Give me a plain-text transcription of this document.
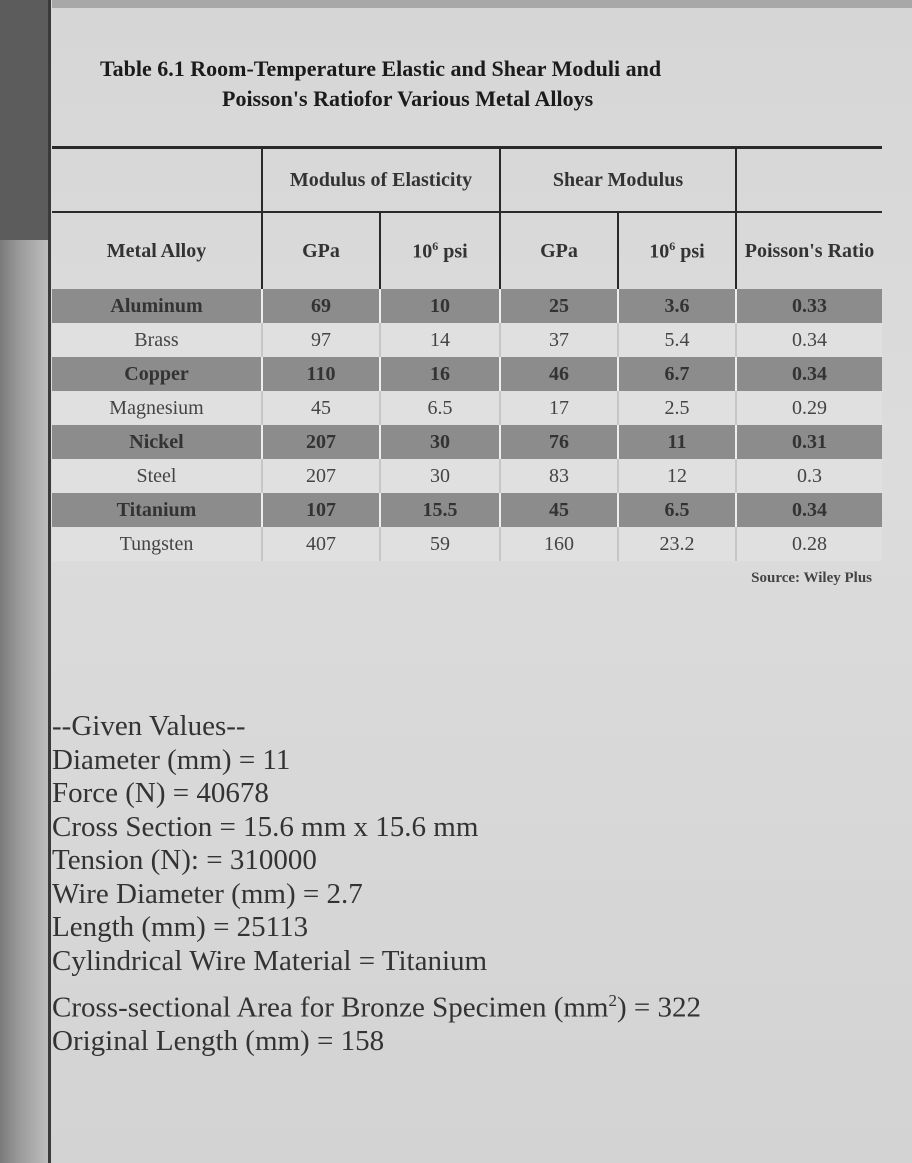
Table 6.1 Room-Temperature Elastic and Shear Moduli and
Poisson's Ratiofor Various Metal Alloys
	Modulus of Elasticity		Shear Modulus		
Metal Alloy	GPa	$10^6$ psi	GPa	$10^6$ psi	Poisson's Ratio
Aluminum	69	10	25	3.6	0.33
Brass	97	14	37	5.4	0.34
Copper	110	16	46	6.7	0.34
Magnesium	45	6.5	17	2.5	0.29
Nickel	207	30	76	11	0.31
Steel	207	30	83	12	0.3
Titanium	107	15.5	45	6.5	0.34
Tungsten	407	59	160	23.2	0.28
Source: Wiley Plus
--Given Values--
Diameter (mm) = 11
Force (N) = 40678
Cross Section = 15.6 mm x 15.6 mm
Tension (N): = 310000
Wire Diameter (mm) = 2.7
Length (mm) = 25113
Cylindrical Wire Material = Titanium
Cross-sectional Area for Bronze Specimen $(mm^2) = 322$
Original Length (mm) = 158
